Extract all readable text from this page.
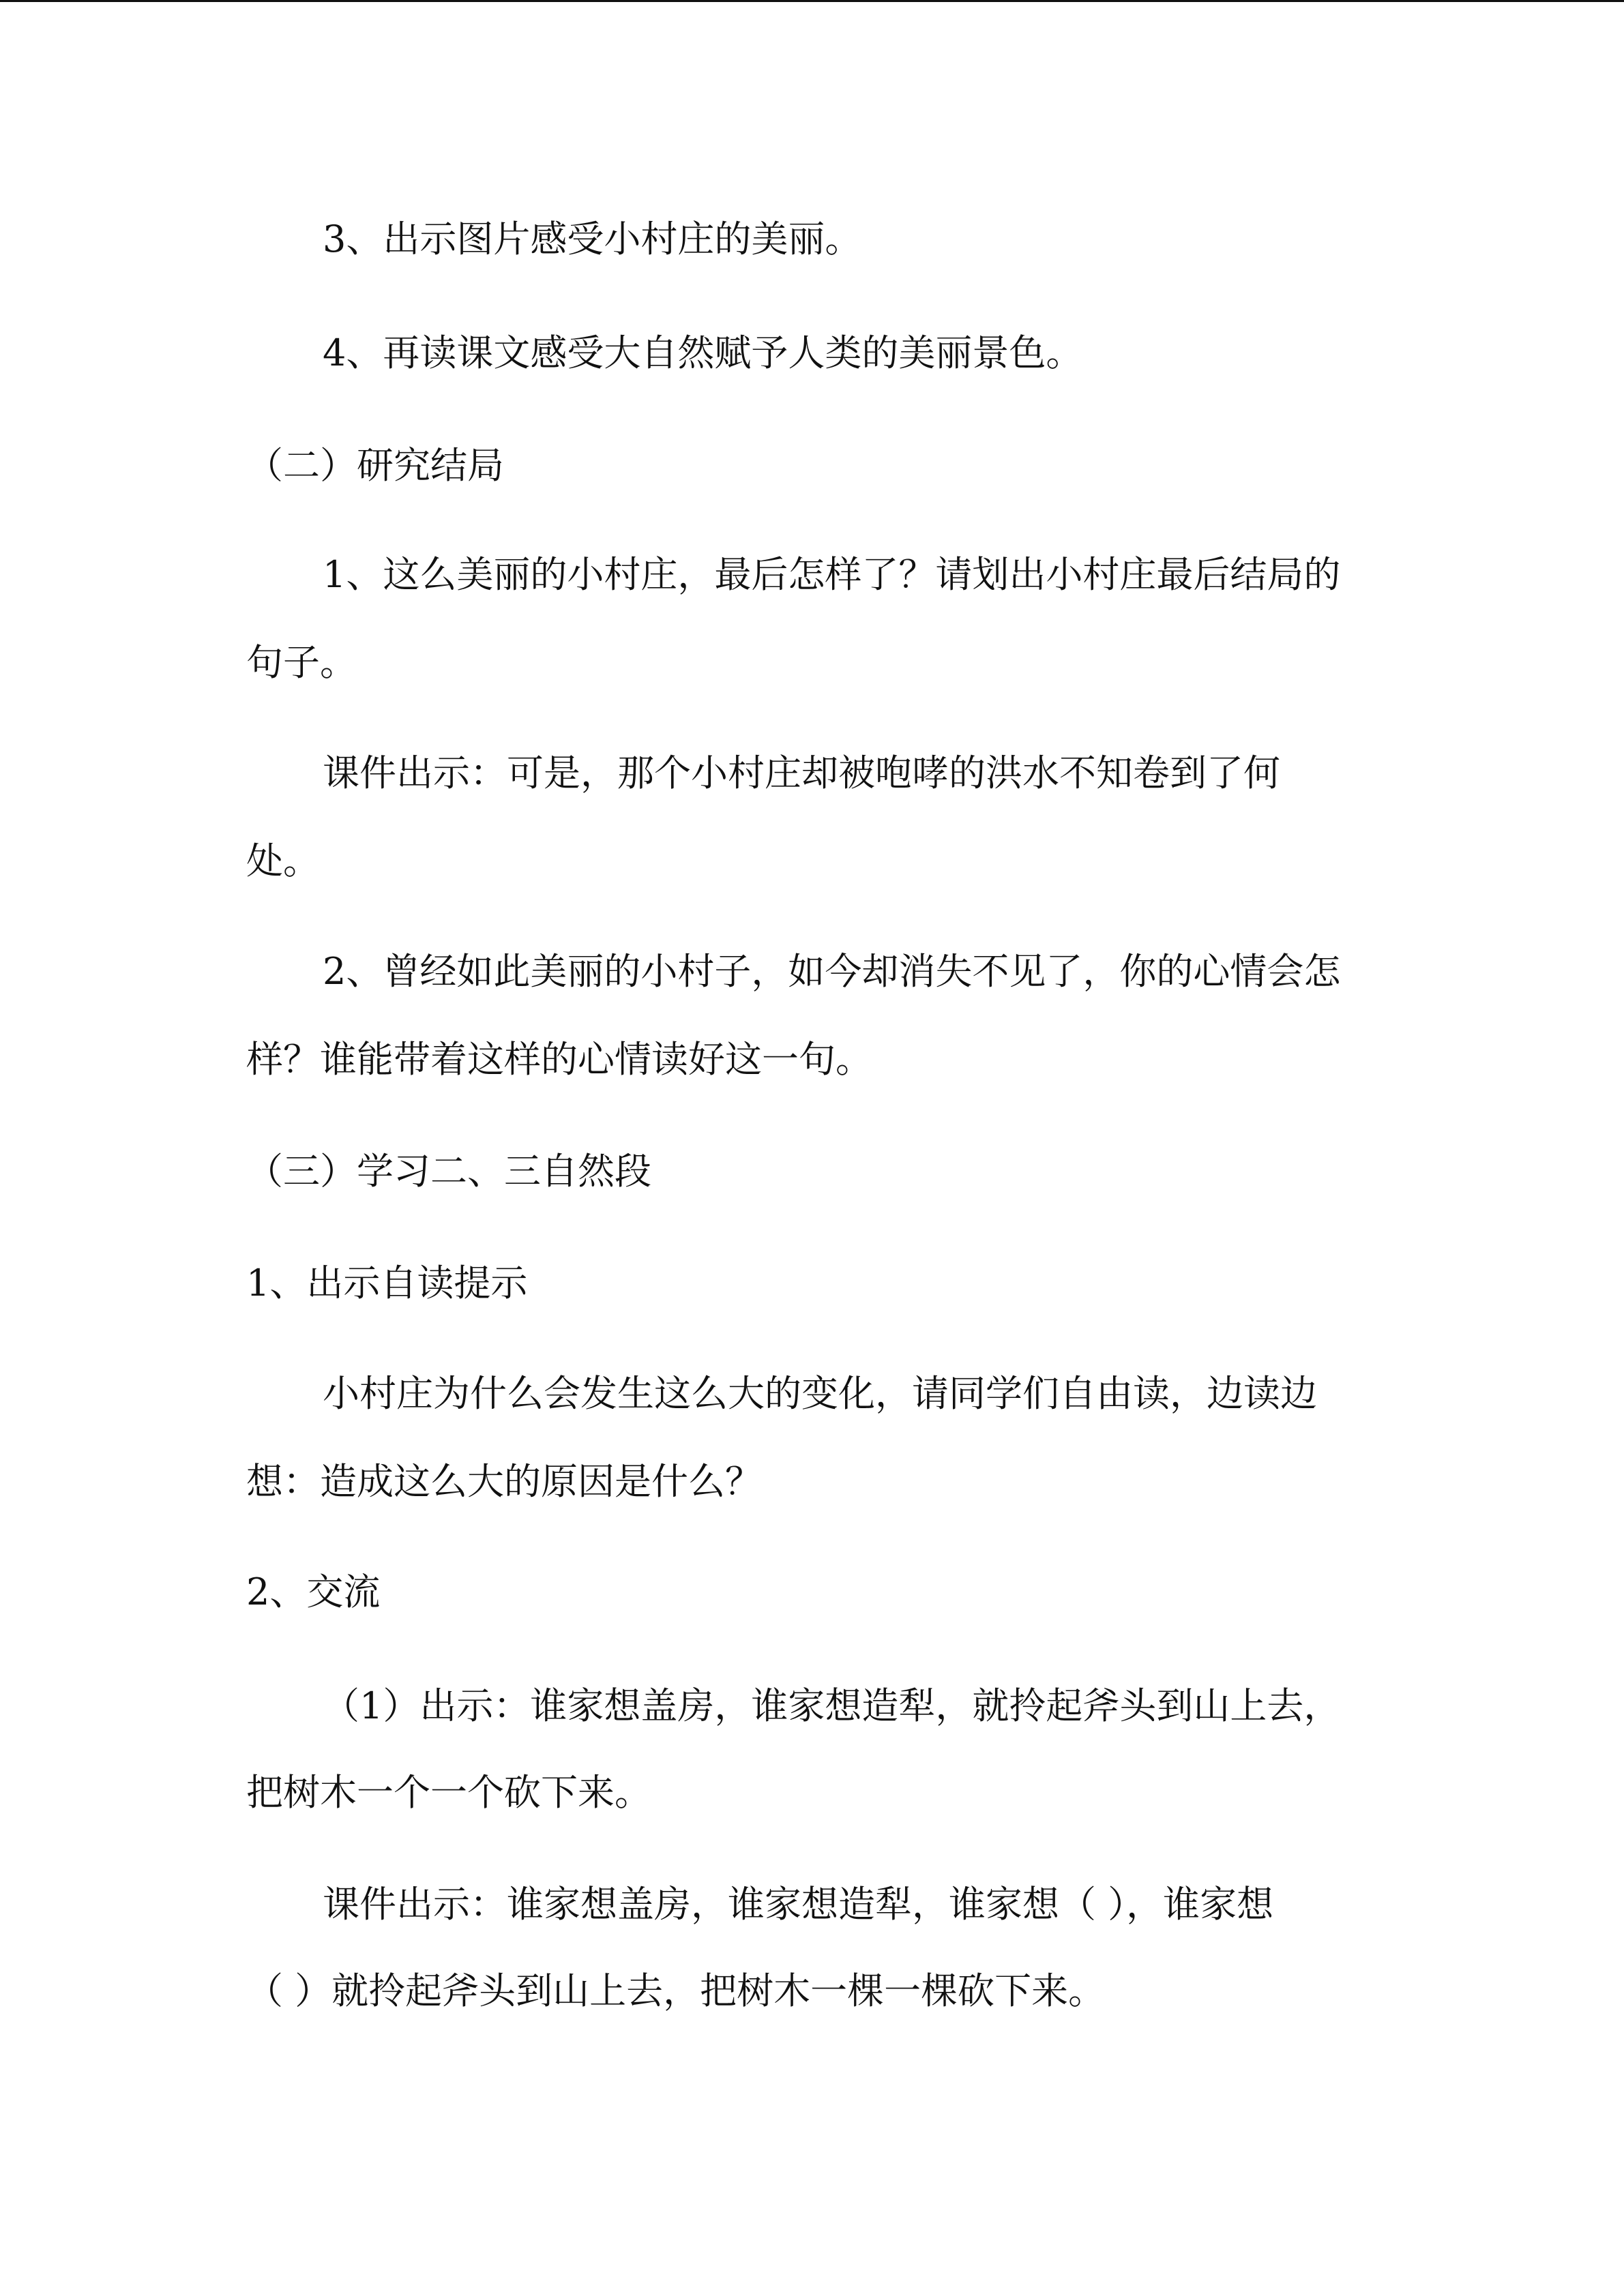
3、出示图片感受小村庄的美丽。
4、再读课文感受大自然赋予人类的美丽景色。
（二）研究结局
1、这么美丽的小村庄，最后怎样了？请划出小村庄最后结局的
句子。
课件出示：可是，那个小村庄却被咆哮的洪水不知卷到了何
处。
2、曾经如此美丽的小村子，如今却消失不见了，你的心情会怎
样？谁能带着这样的心情读好这一句。
（三）学习二、三自然段
1、出示自读提示
小村庄为什么会发生这么大的变化，请同学们自由读，边读边
想：造成这么大的原因是什么？
2、交流
（1）出示：谁家想盖房，谁家想造犁，就拎起斧头到山上去，
把树木一个一个砍下来。
课件出示：谁家想盖房，谁家想造犁，谁家想（ ），谁家想
（ ）就拎起斧头到山上去，把树木一棵一棵砍下来。
